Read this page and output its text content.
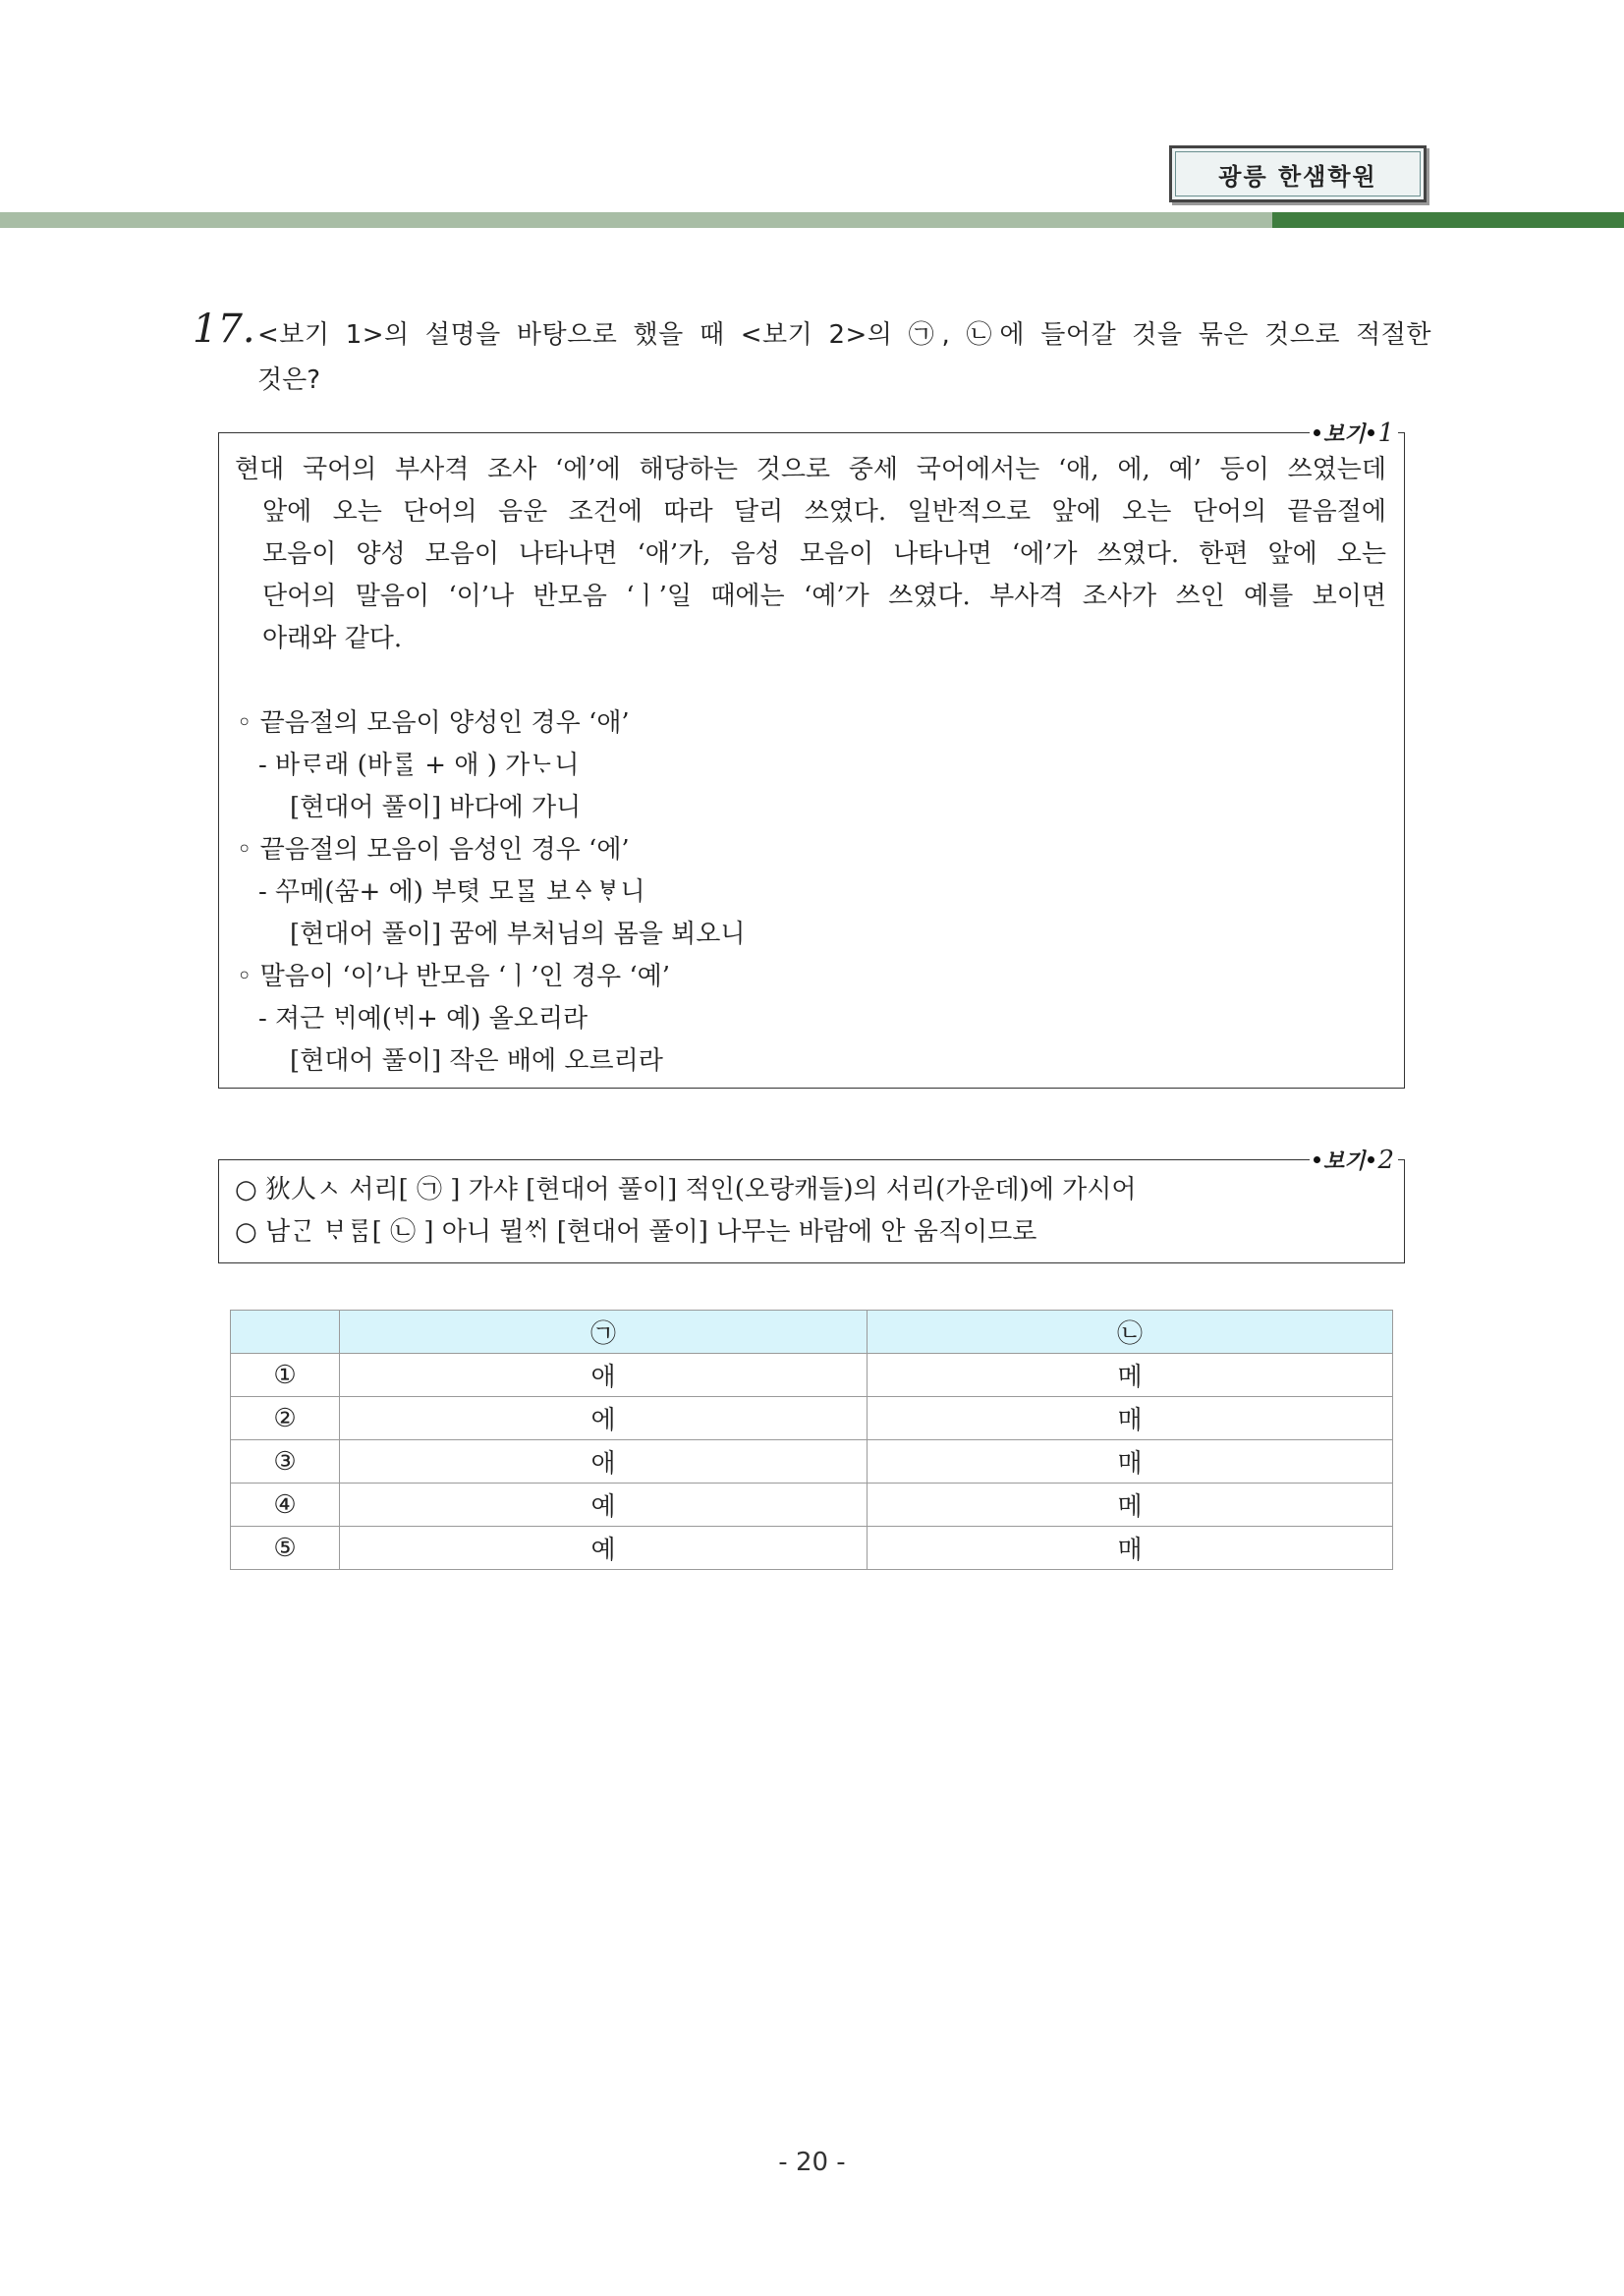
광릉 한샘학원
17. <보기 1>의 설명을 바탕으로 했을 때 <보기 2>의 ㉠, ㉡에 들어갈 것을 묶은 것으로 적절한
것은?
보기 1
현대 국어의 부사격 조사 ‘에’에 해당하는 것으로 중세 국어에서는 ‘애, 에, 예’ 등이 쓰였는데
앞에 오는 단어의 음운 조건에 따라 달리 쓰였다. 일반적으로 앞에 오는 단어의 끝음절에
모음이 양성 모음이 나타나면 ‘애’가, 음성 모음이 나타나면 ‘에’가 쓰였다. 한편 앞에 오는
단어의 말음이 ‘이’나 반모음 ‘ㅣ’일 때에는 ‘예’가 쓰였다. 부사격 조사가 쓰인 예를 보이면
아래와 같다.
◦ 끝음절의 모음이 양성인 경우 ‘애’
- 바ᄅᆞ래 (바ᄅᆞᆯ + 애 ) 가ᄂᆞ니
[현대어 풀이] 바다에 가니
◦ 끝음절의 모음이 음성인 경우 ‘에’
- ᄭᅮ메(ᄭᅮᆷ+ 에) 부텻 모ᄆᆞᆯ 보ᅀᆞᄫᆞ니
[현대어 풀이] 꿈에 부처님의 몸을 뵈오니
◦ 말음이 ‘이’나 반모음 ‘ㅣ’인 경우 ‘예’
- 져근 ᄇᆡ예(ᄇᆡ+ 예) 올오리라
[현대어 풀이] 작은 배에 오르리라
보기 2
○ 狄人ㅅ 서리[ ㉠ ] 가샤 [현대어 풀이] 적인(오랑캐들)의 서리(가운데)에 가시어
○ 남ᄀᆞᆫ ᄇᆞᄅᆞᆷ[ ㉡ ] 아니 뮐ᄊᆡ [현대어 풀이] 나무는 바람에 안 움직이므로
	㉠	㉡
①	애	메
②	에	매
③	애	매
④	예	메
⑤	예	매
- 20 -
